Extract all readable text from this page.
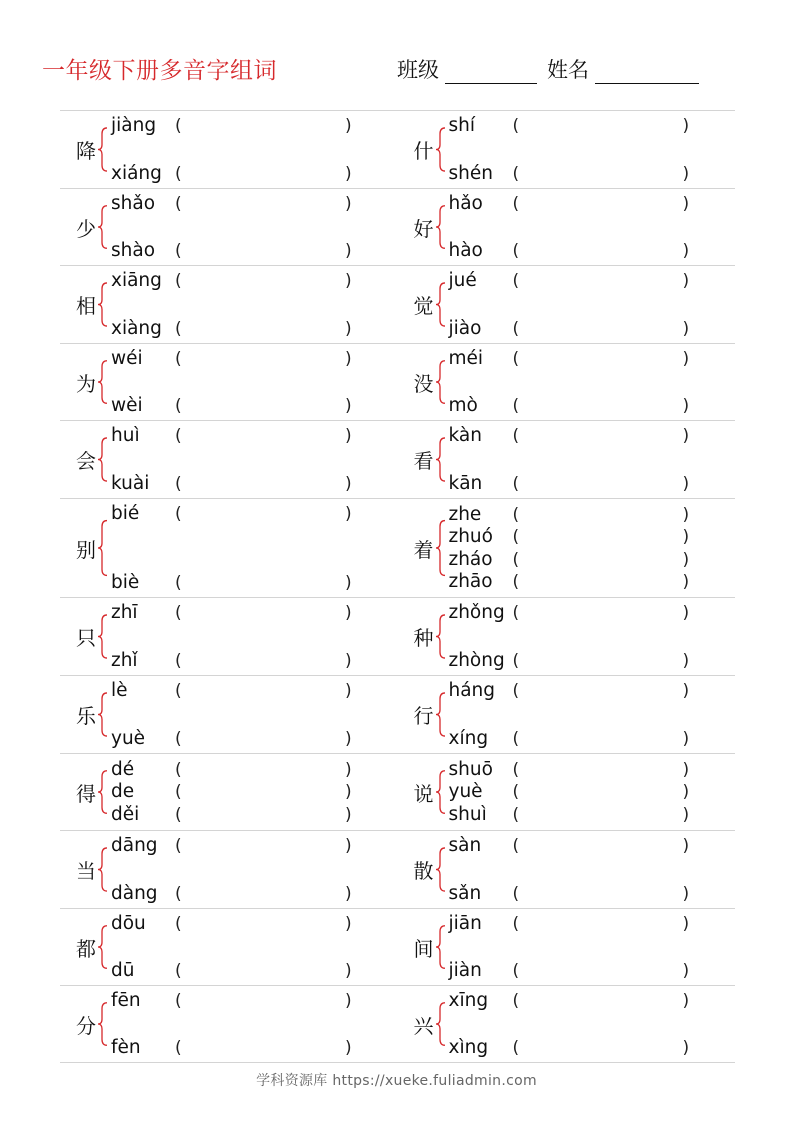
一年级下册多音字组词	班级	姓名
降
jiàng	(	)
xiáng (	)
什
shí	(	)
shén	(	)
少
shǎo	(	)
shào	(	)
好
hǎo	(	)
hào	(	)
相
xiāng (	)
xiàng (	)
觉
jué	(	)
jiào	(	)
为
wéi	(	)
wèi	(	)
没
méi	(	)
mò	(	)
会
huì	(	)
kuài	(	)
看
kàn	(	)
kān	(	)
别
bié	(	)
biè	(	)
着
zhe	(	)
zhuó	(	)
zháo	(	)
zhāo	(	)
只
zhī	(	)
zhǐ	(	)
种
zhǒng (	)
zhòng (	)
乐
lè	(	)
yuè	(	)
行
háng	(	)
xíng	(	)
得
dé	(	)
de	(	)
děi	(	)
说
shuō	(	)
yuè	(	)
shuì	(	)
当
dāng	(	)
dàng	(	)
散
sàn	(	)
sǎn	(	)
都
dōu	(	)
dū	(	)
间
jiān	(	)
jiàn	(	)
分
fēn	(	)
fèn	(	)
兴
xīng	(	)
xìng	(	)
学科资源库 https://xueke.fuliadmin.com
